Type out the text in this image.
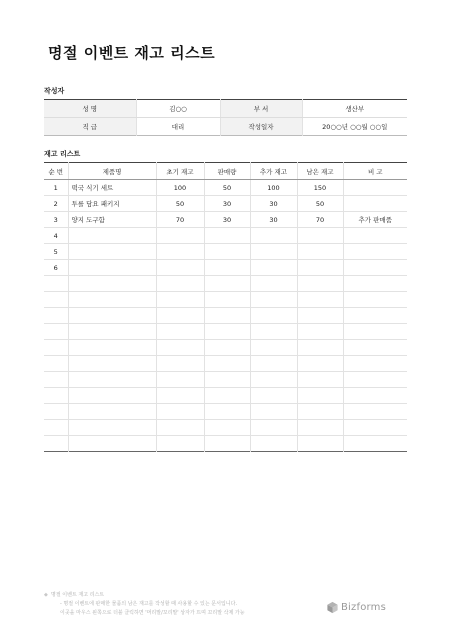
명절 이벤트 재고 리스트
작성자
성 명	김○○	부 서	생산부
직 급	대리	작성일자	20○○년 ○○월 ○○일
재고 리스트
순 번	제품명	초기 재고	판매량	추가 재고	남은 재고	비 고
1	떡국 식기 세트	100	50	100	150	
2	투를 담요 패키지	50	30	30	50	
3	양지 도구함	70	30	30	70	추가 판매품
4						
5						
6						

◆ 명절 이벤트 재고 리스트
- 명절 이벤트에 판매한 물품의 남은 재고를 작성할 때 사용할 수 있는 문서입니다.
이곳을 마우스 왼쪽으로 더블 클릭하면 '머리말/꼬리말' 상자가 뜨며 꼬리말 삭제 가능	Bizforms
